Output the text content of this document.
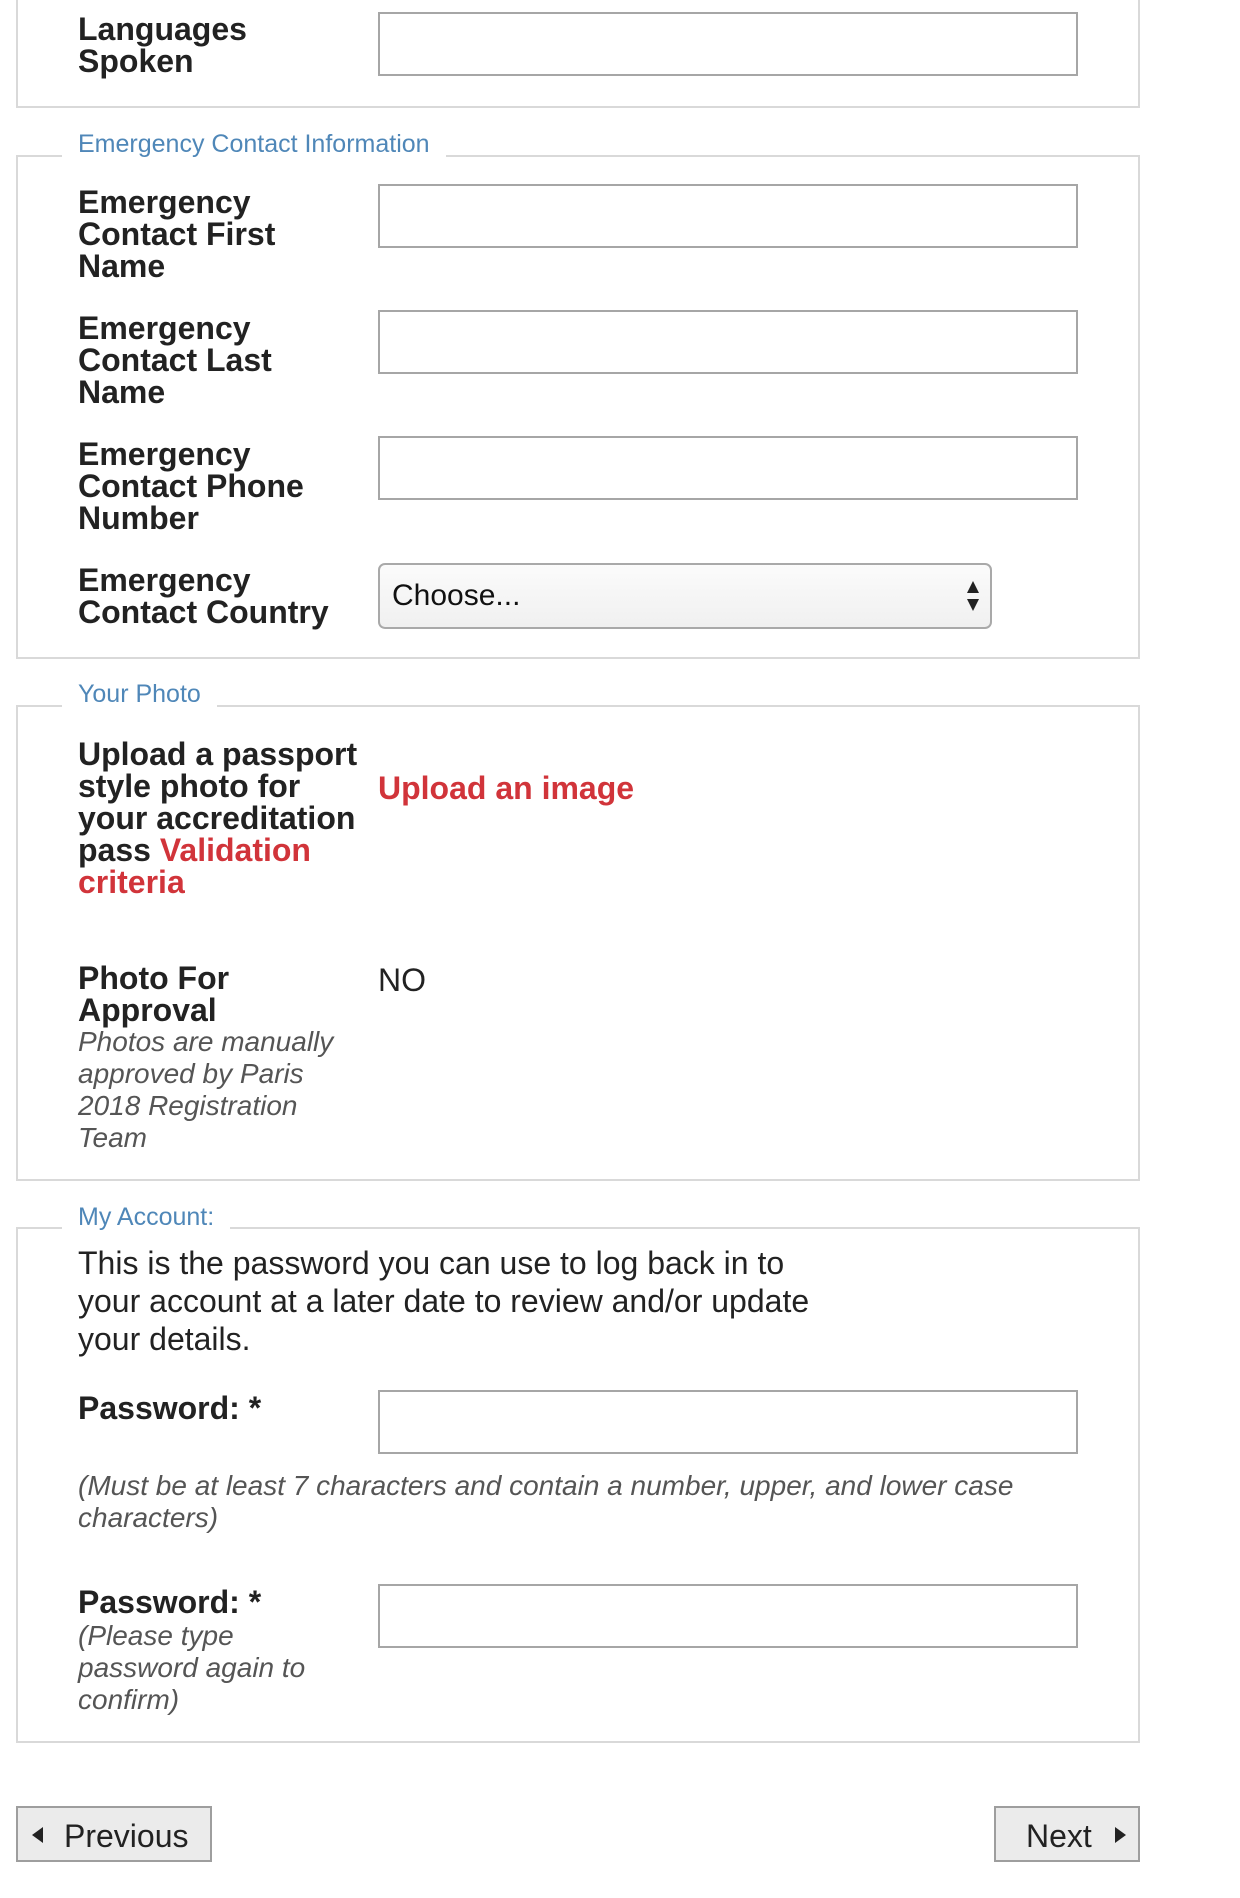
Languages Spoken
Emergency Contact Information
Emergency Contact First Name
Emergency Contact Last Name
Emergency Contact Phone Number
Emergency Contact Country	Choose...
Your Photo
Upload a passport style photo for your accreditation pass Validation criteria
Upload an image
Photo For Approval
Photos are manually approved by Paris 2018 Registration Team
NO
My Account:
This is the password you can use to log back in to your account at a later date to review and/or update your details.
Password: *
(Must be at least 7 characters and contain a number, upper, and lower case characters)
Password: *
(Please type password again to confirm)
Previous	Next
